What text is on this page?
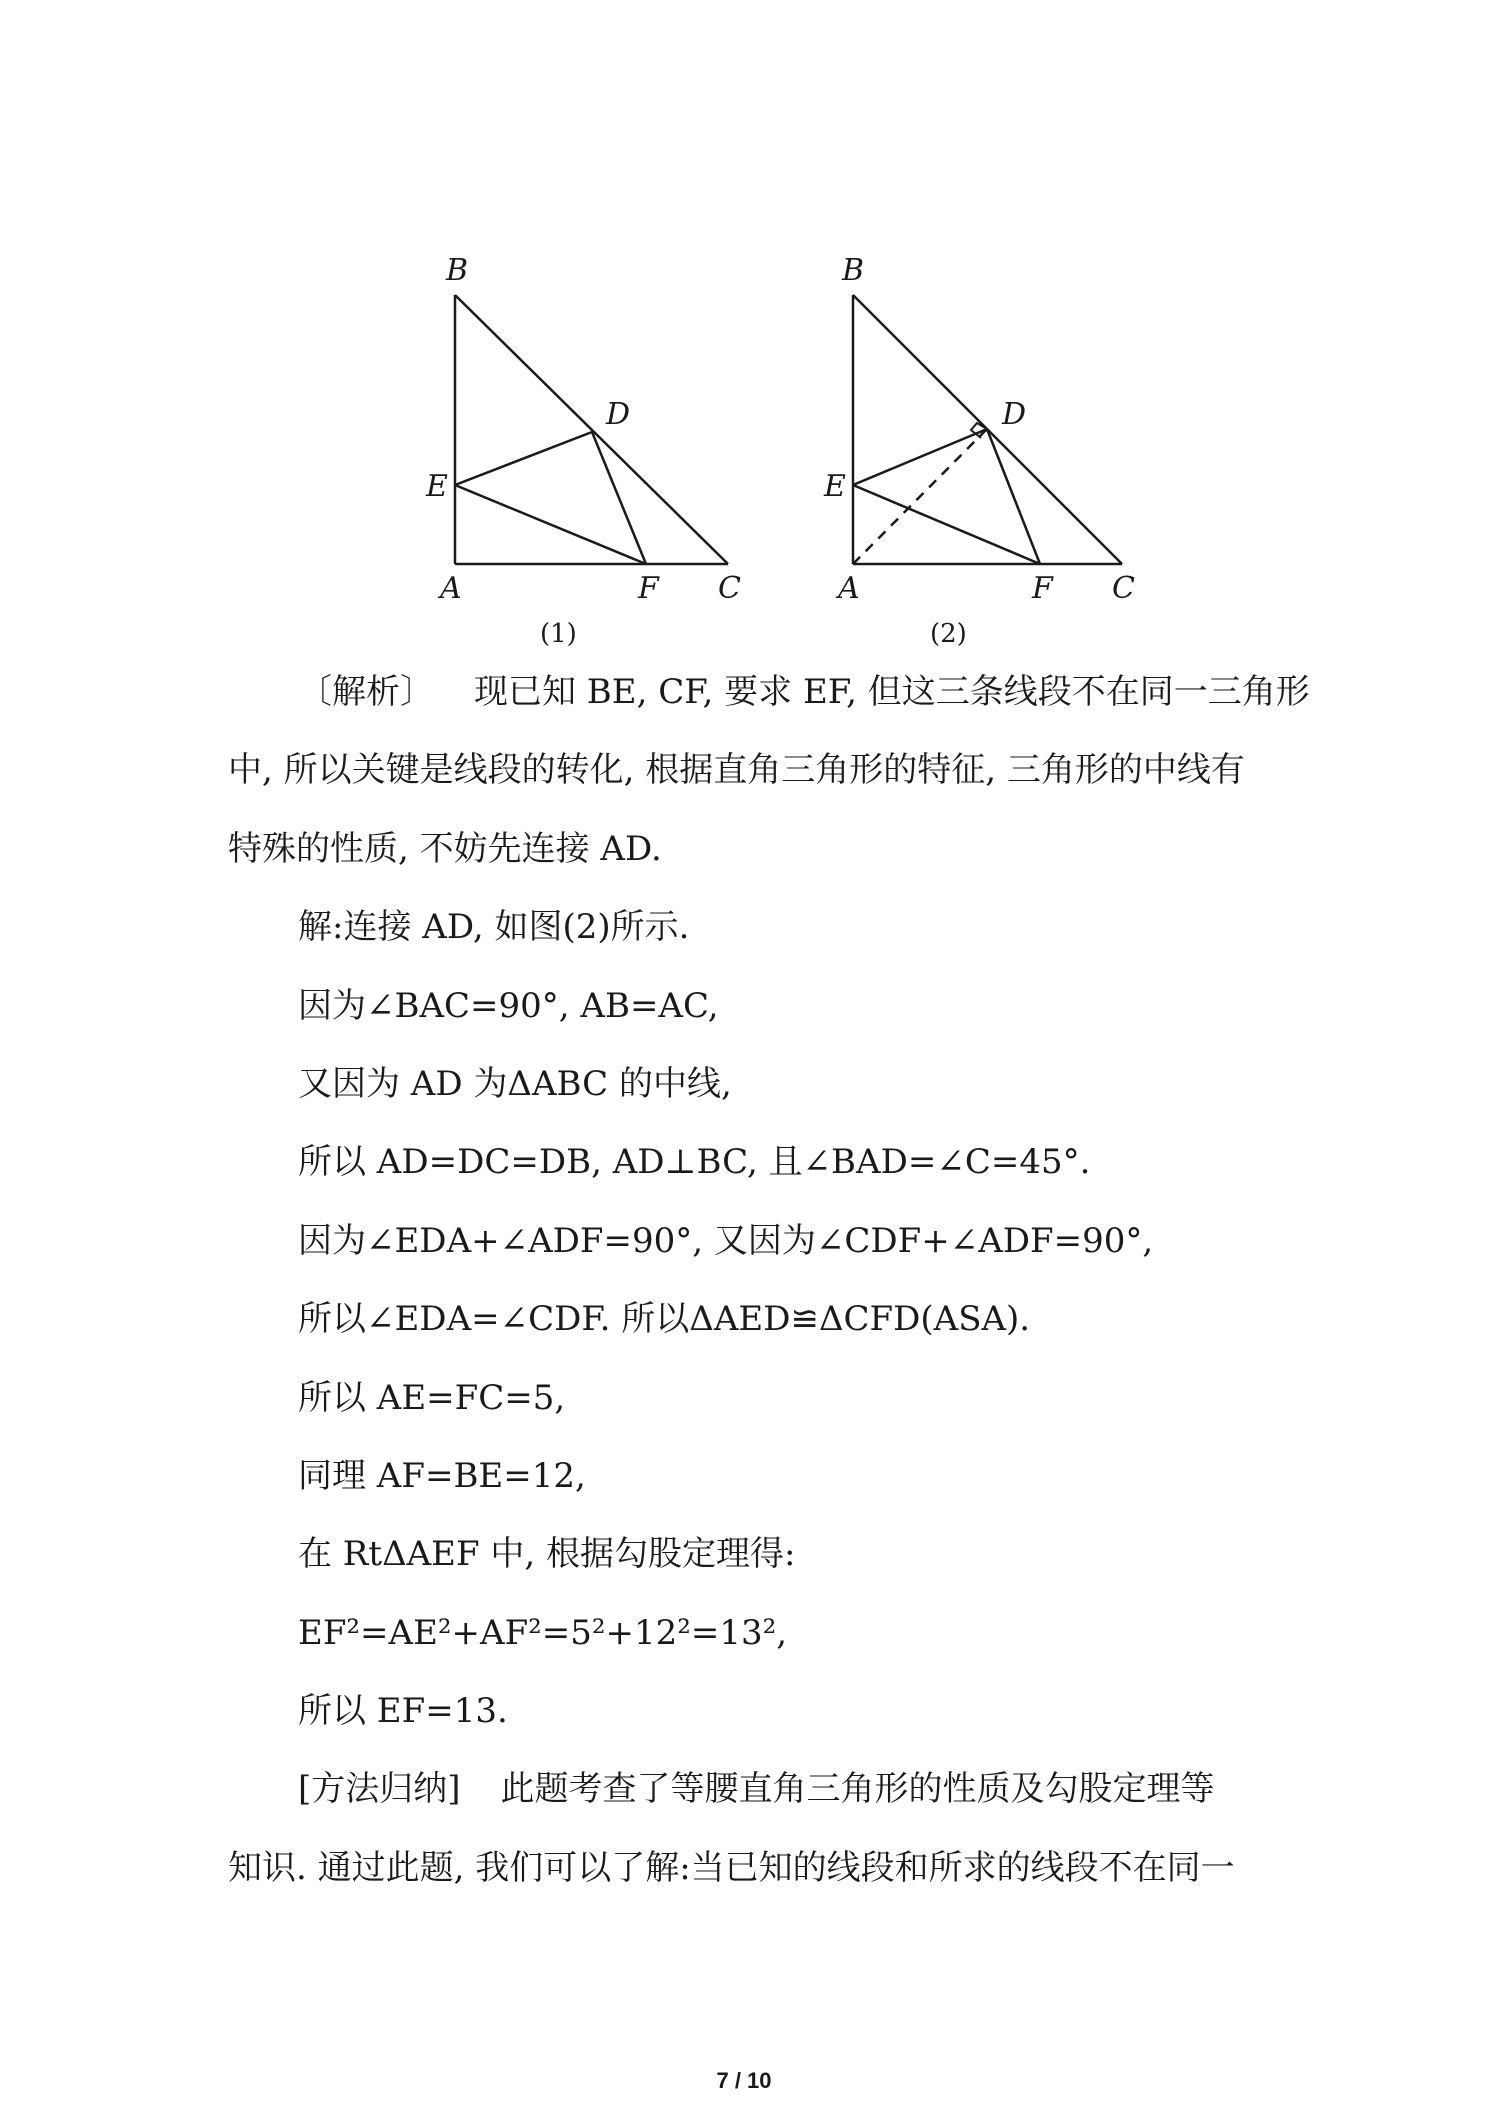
B
D
E
A	F C
(1)
B
D
E
A	F C
(2)
〔解析〕 现已知 BE, CF, 要求 EF, 但这三条线段不在同一三角形
中, 所以关键是线段的转化, 根据直角三角形的特征, 三角形的中线有
特殊的性质, 不妨先连接 AD.
解:连接 AD, 如图(2)所示.
因为∠BAC=90°, AB=AC,
又因为 AD 为ΔABC 的中线,
所以 AD=DC=DB, AD⊥BC, 且∠BAD=∠C=45°.
因为∠EDA+∠ADF=90°, 又因为∠CDF+∠ADF=90°,
所以∠EDA=∠CDF. 所以ΔAED≌ΔCFD(ASA).
所以 AE=FC=5,
同理 AF=BE=12,
在 RtΔAEF 中, 根据勾股定理得:
EF²=AE²+AF²=5²+12²=13²,
所以 EF=13.
[方法归纳] 此题考查了等腰直角三角形的性质及勾股定理等
知识. 通过此题, 我们可以了解:当已知的线段和所求的线段不在同一
7 / 10
